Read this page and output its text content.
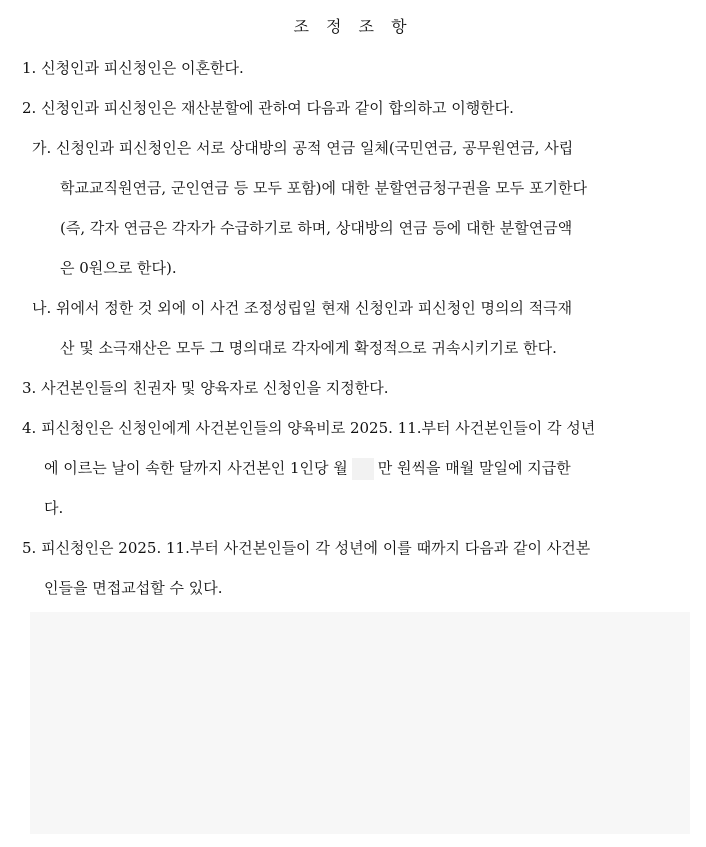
조 정 조 항
1. 신청인과 피신청인은 이혼한다.
2. 신청인과 피신청인은 재산분할에 관하여 다음과 같이 합의하고 이행한다.
가. 신청인과 피신청인은 서로 상대방의 공적 연금 일체(국민연금, 공무원연금, 사립
학교교직원연금, 군인연금 등 모두 포함)에 대한 분할연금청구권을 모두 포기한다
(즉, 각자 연금은 각자가 수급하기로 하며, 상대방의 연금 등에 대한 분할연금액
은 0원으로 한다).
나. 위에서 정한 것 외에 이 사건 조정성립일 현재 신청인과 피신청인 명의의 적극재
산 및 소극재산은 모두 그 명의대로 각자에게 확정적으로 귀속시키기로 한다.
3. 사건본인들의 친권자 및 양육자로 신청인을 지정한다.
4. 피신청인은 신청인에게 사건본인들의 양육비로 2025. 11.부터 사건본인들이 각 성년
에 이르는 날이 속한 달까지 사건본인 1인당 월 만 원씩을 매월 말일에 지급한
다.
5. 피신청인은 2025. 11.부터 사건본인들이 각 성년에 이를 때까지 다음과 같이 사건본
인들을 면접교섭할 수 있다.
